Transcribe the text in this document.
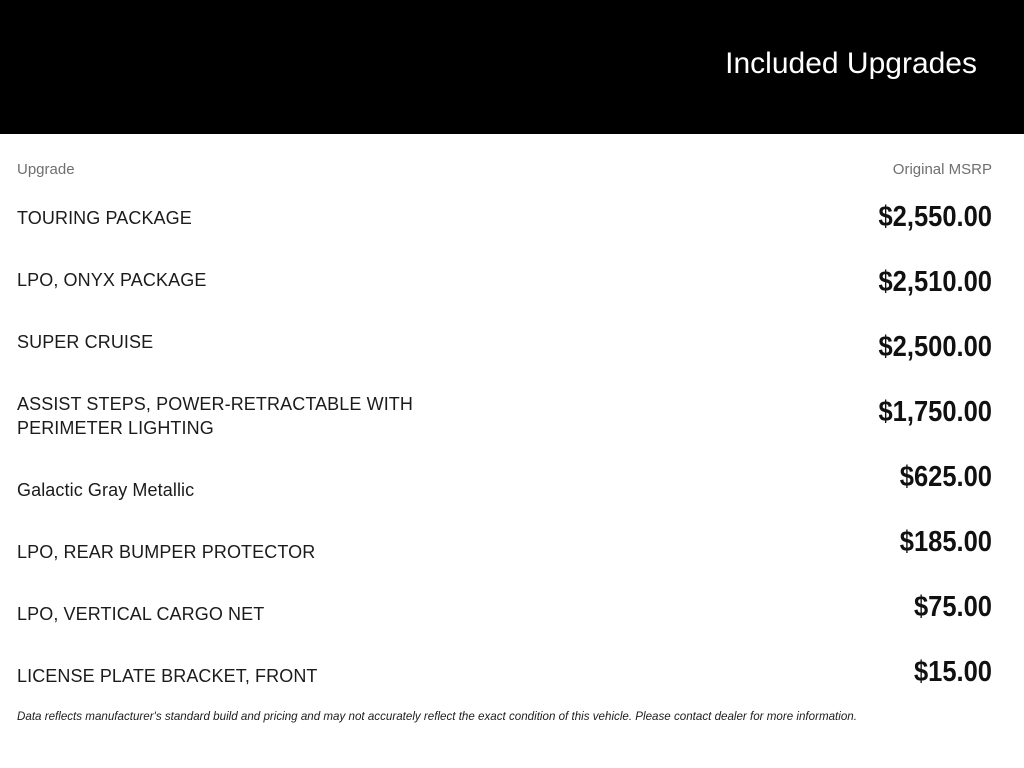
Included Upgrades
Upgrade	Original MSRP
TOURING PACKAGE
LPO, ONYX PACKAGE
SUPER CRUISE
ASSIST STEPS, POWER-RETRACTABLE WITH PERIMETER LIGHTING
Galactic Gray Metallic
LPO, REAR BUMPER PROTECTOR
LPO, VERTICAL CARGO NET
LICENSE PLATE BRACKET, FRONT
$2,550.00
$2,510.00
$2,500.00
$1,750.00
$625.00
$185.00
$75.00
$15.00
Data reflects manufacturer's standard build and pricing and may not accurately reflect the exact condition of this vehicle. Please contact dealer for more information.
